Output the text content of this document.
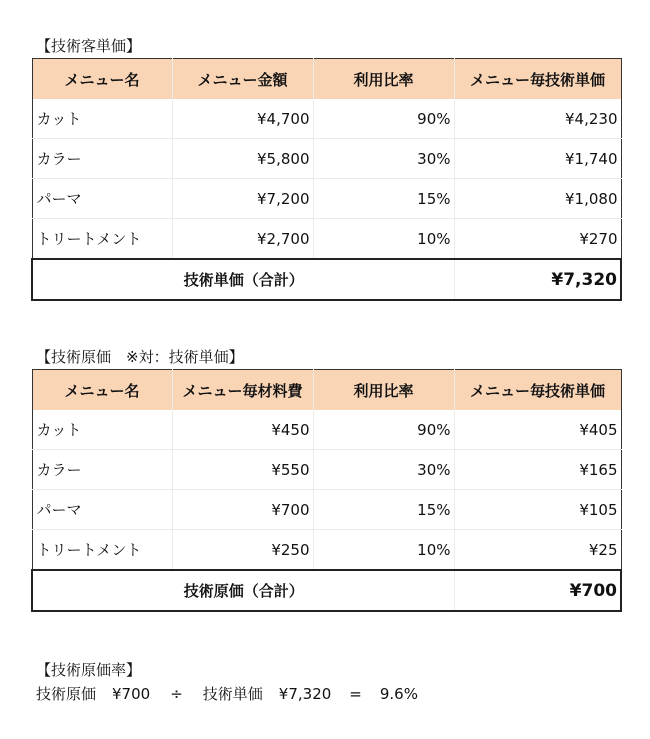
【技術客単価】
メニュー名	メニュー金額	利用比率	メニュー毎技術単価
カット	¥4,700	90%	¥4,230
カラー	¥5,800	30%	¥1,740
パーマ	¥7,200	15%	¥1,080
トリートメント	¥2,700	10%	¥270
技術単価（合計）			¥7,320
【技術原価　※対：技術単価】
メニュー名	メニュー毎材料費	利用比率	メニュー毎技術単価
カット	¥450	90%	¥405
カラー	¥550	30%	¥165
パーマ	¥700	15%	¥105
トリートメント	¥250	10%	¥25
技術原価（合計）			¥700
【技術原価率】
技術原価 ¥700 ÷ 技術単価 ¥7,320 = 9.6%
